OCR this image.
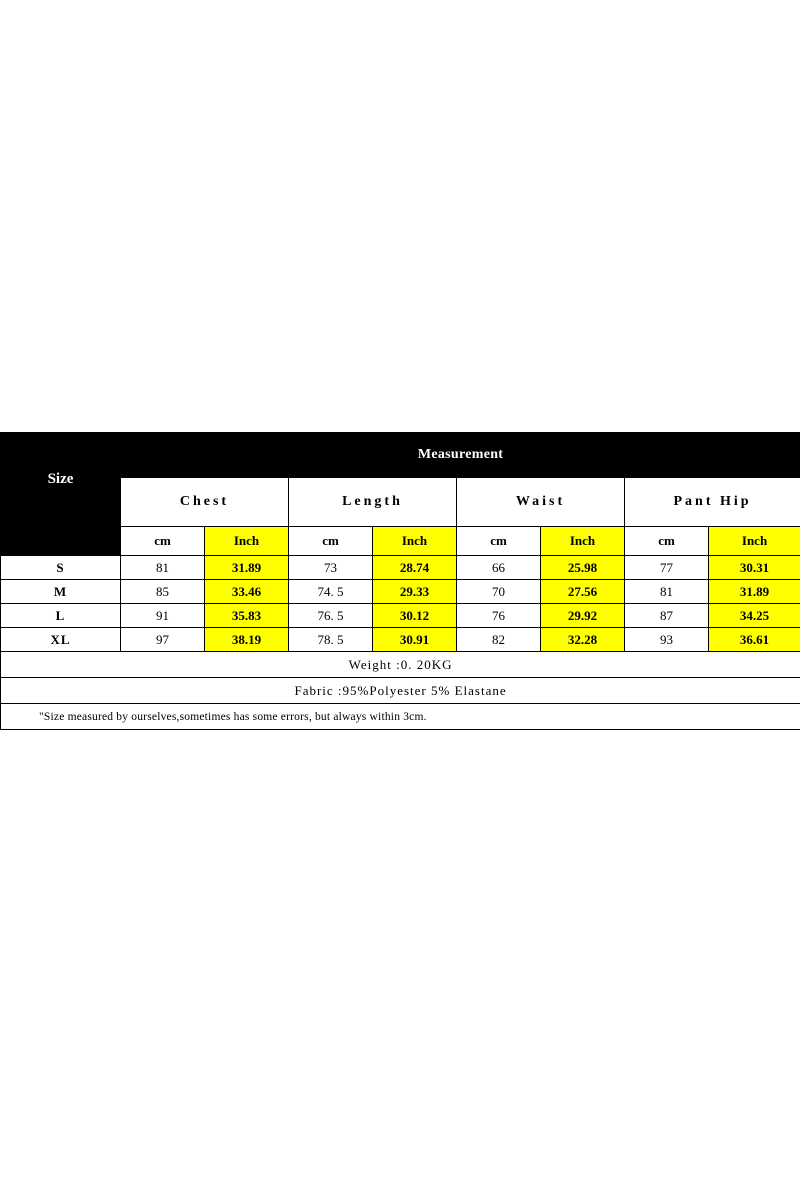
Size	Measurement							
	Chest		Length		Waist		Pant Hip	
	cm	Inch	cm	Inch	cm	Inch	cm	Inch
S	81	31.89	73	28.74	66	25.98	77	30.31
M	85	33.46	74. 5	29.33	70	27.56	81	31.89
L	91	35.83	76. 5	30.12	76	29.92	87	34.25
XL	97	38.19	78. 5	30.91	82	32.28	93	36.61
Weight :0. 20KG								
Fabric :95%Polyester 5% Elastane								
"Size measured by ourselves,sometimes has some errors, but always within 3cm.								
